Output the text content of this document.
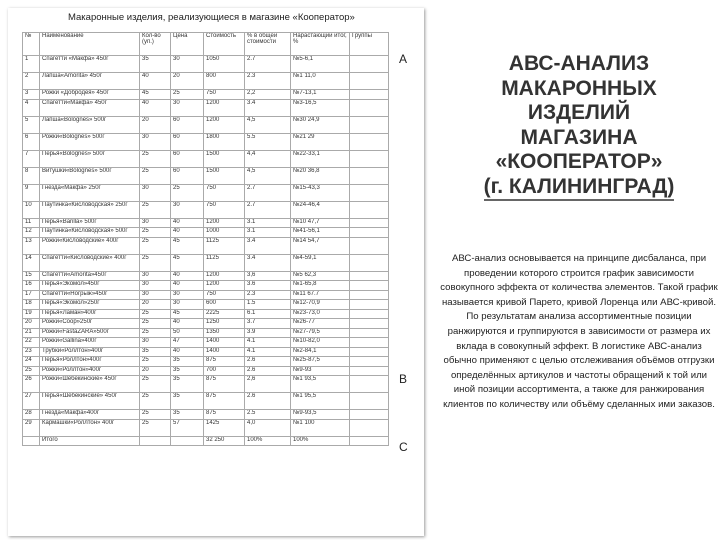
Макаронные изделия, реализующиеся в магазине «Кооператор»
№	Наименование	Кол-во (уп.)	Цена	Стоимость	% в общей стоимости	Нарастающий итог, %	Группы
1	Спагетти «Макфа» 450г	35	30	1050	2.7	№5-6,1	
2	Лапша«Amorita» 450г	40	20	800	2.3	№1 11,0	
3	Рожки «Добродея» 450г	45	25	750	2,2	№7-13,1	
4	Спагетти«Макфа» 450г	40	30	1200	3.4	№3-16,5	
5	Лапша«Bolognes» 500г	20	60	1200	4,5	№30 24,9	
6	Рожки«Bolognes» 500г	30	60	1800	5.5	№21 29	
7	Перья«Bolognes» 500г	25	60	1500	4,4	№22-33,1	
8	Витушки«Bolognes» 500г	25	60	1500	4,5	№20 36,8	
9	Гнезда«Макфа» 250г	30	25	750	2.7	№15-43,3	
10	Паутинка«Кисловодская» 250г	25	30	750	2.7	№24-46,4	
11	Перья«Barilla» 500г	30	40	1200	3.1	№10 47,7	
12	Паутинка«Кисловодская» 500г	25	40	1000	3.1	№41-56,1	
13	Рожки«Кисловодские» 400г	25	45	1125	3.4	№14 54,7	
14	Спагетти«Кисловодские» 400г	25	45	1125	3.4	№4-59,1	
15	Спагетти«Amorita»450г	30	40	1200	3,6	№5 62,3	
16	Перья«Экомол»450г	30	40	1200	3.6	№1-65,8	
17	Спагетти«Ногрыж»450г	30	30	750	2.3	№11 67.7	
18	Перья«Экомол»250г	20	30	600	1.5	№12-70,9	
19	Перья«Ламан»400г	25	45	2225	6.1	№23-73,0	
20	Рожки«Coop»250г	25	40	1250	3.7	№26-77	
21	Рожки«FastaZARA»500г	25	50	1350	3.9	№27-79,5	
22	Рожки«Gallina»400г	30	47	1400	4.1	№10-82,0	
23	Трубки«Роллтон»400г	35	40	1400	4.1	№2-84,1	
24	Перья«Роллтон»400г	25	35	875	2.6	№25-87,5	
25	Рожки«Роллтон»400г	20	35	700	2.6	№9-93	
26	Рожки«Шебекинские» 450г	25	35	875	2,6	№1 93,5	
27	Перья«Шебекинские» 450г	25	35	875	2.6	№1 95,5	
28	Гнезда«Макфа»400г	25	35	875	2.5	№9-93,5	
29	Кармашки«Роллтон» 400г	25	57	1425	4,0	№1 100	
	Итого			32 250	100%	100%	
A
B
C
АВС-АНАЛИЗ
МАКАРОННЫХ
ИЗДЕЛИЙ
МАГАЗИНА
«КООПЕРАТОР»
(г. КАЛИНИНГРАД)
АВС-анализ основывается на принципе дисбаланса, при проведении которого строится график зависимости совокупного эффекта от количества элементов. Такой график называется кривой Парето, кривой Лоренца или АВС-кривой. По результатам анализа ассортиментные позиции ранжируются и группируются в зависимости от размера их вклада в совокупный эффект. В логистике АВС-анализ обычно применяют с целью отслеживания объёмов отгрузки определённых артикулов и частоты обращений к той или иной позиции ассортимента, а также для ранжирования клиентов по количеству или объёму сделанных ими заказов.
